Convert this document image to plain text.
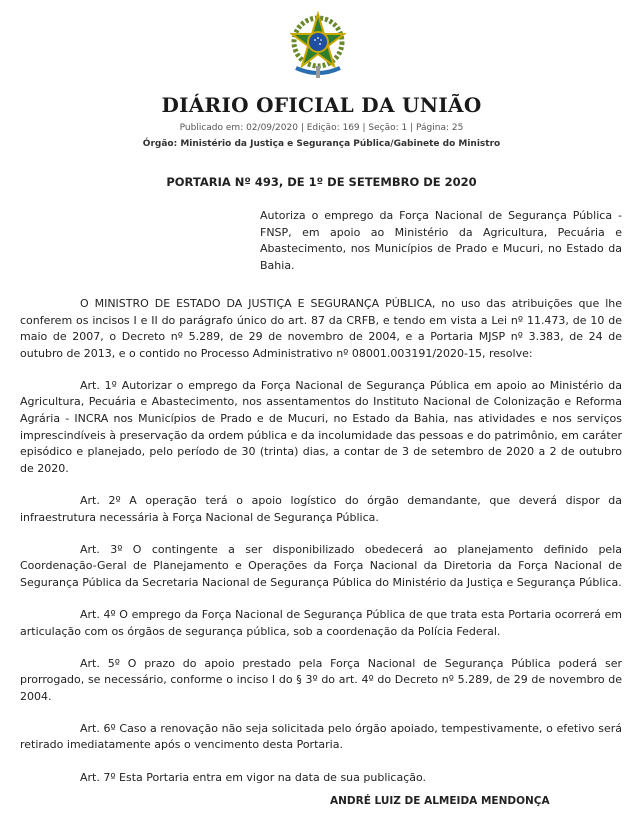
DIÁRIO OFICIAL DA UNIÃO
Publicado em: 02/09/2020 | Edição: 169 | Seção: 1 | Página: 25
Órgão: Ministério da Justiça e Segurança Pública/Gabinete do Ministro
PORTARIA Nº 493, DE 1º DE SETEMBRO DE 2020
Autoriza o emprego da Força Nacional de Segurança Pública - FNSP, em apoio ao Ministério da Agricultura, Pecuária e Abastecimento, nos Municípios de Prado e Mucuri, no Estado da Bahia.

O MINISTRO DE ESTADO DA JUSTIÇA E SEGURANÇA PÚBLICA, no uso das atribuições que lhe conferem os incisos I e II do parágrafo único do art. 87 da CRFB, e tendo em vista a Lei nº 11.473, de 10 de maio de 2007, o Decreto nº 5.289, de 29 de novembro de 2004, e a Portaria MJSP nº 3.383, de 24 de outubro de 2013, e o contido no Processo Administrativo nº 08001.003191/2020-15, resolve:

Art. 1º Autorizar o emprego da Força Nacional de Segurança Pública em apoio ao Ministério da Agricultura, Pecuária e Abastecimento, nos assentamentos do Instituto Nacional de Colonização e Reforma Agrária - INCRA nos Municípios de Prado e de Mucuri, no Estado da Bahia, nas atividades e nos serviços imprescindíveis à preservação da ordem pública e da incolumidade das pessoas e do patrimônio, em caráter episódico e planejado, pelo período de 30 (trinta) dias, a contar de 3 de setembro de 2020 a 2 de outubro de 2020.

Art. 2º A operação terá o apoio logístico do órgão demandante, que deverá dispor da infraestrutura necessária à Força Nacional de Segurança Pública.

Art. 3º O contingente a ser disponibilizado obedecerá ao planejamento definido pela Coordenação-Geral de Planejamento e Operações da Força Nacional da Diretoria da Força Nacional de Segurança Pública da Secretaria Nacional de Segurança Pública do Ministério da Justiça e Segurança Pública.

Art. 4º O emprego da Força Nacional de Segurança Pública de que trata esta Portaria ocorrerá em articulação com os órgãos de segurança pública, sob a coordenação da Polícia Federal.

Art. 5º O prazo do apoio prestado pela Força Nacional de Segurança Pública poderá ser prorrogado, se necessário, conforme o inciso I do § 3º do art. 4º do Decreto nº 5.289, de 29 de novembro de 2004.

Art. 6º Caso a renovação não seja solicitada pelo órgão apoiado, tempestivamente, o efetivo será retirado imediatamente após o vencimento desta Portaria.

Art. 7º Esta Portaria entra em vigor na data de sua publicação.

ANDRÉ LUIZ DE ALMEIDA MENDONÇA
